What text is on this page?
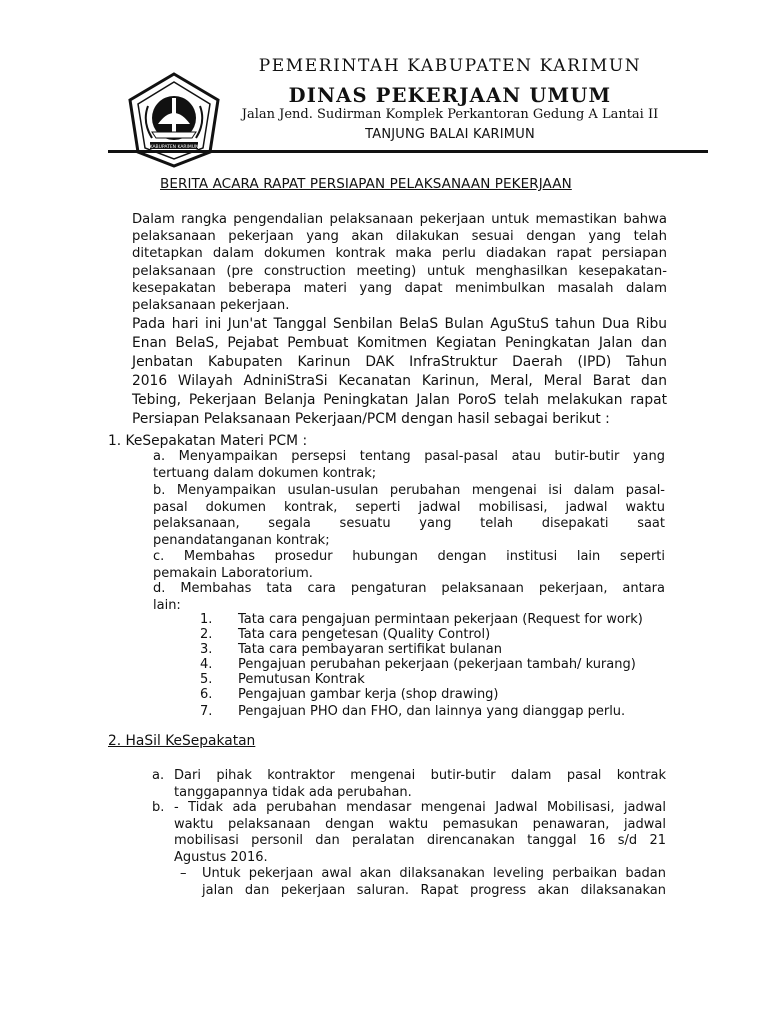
KABUPATEN KARIMUN
PEMERINTAH KABUPATEN KARIMUN
DINAS PEKERJAAN UMUM
Jalan Jend. Sudirman Komplek Perkantoran Gedung A Lantai II
TANJUNG BALAI KARIMUN
BERITA ACARA RAPAT PERSIAPAN PELAKSANAAN PEKERJAAN
Dalam rangka pengendalian pelaksanaan pekerjaan untuk memastikan bahwa
pelaksanaan pekerjaan yang akan dilakukan sesuai dengan yang telah
ditetapkan dalam dokumen kontrak maka perlu diadakan rapat persiapan
pelaksanaan (pre construction meeting) untuk menghasilkan kesepakatan-
kesepakatan beberapa materi yang dapat menimbulkan masalah dalam
pelaksanaan pekerjaan.
Pada hari ini Jun'at Tanggal Senbilan BelaS Bulan AguStuS tahun Dua Ribu
Enan BelaS, Pejabat Pembuat Komitmen Kegiatan Peningkatan Jalan dan
Jenbatan Kabupaten Karinun DAK InfraStruktur Daerah (IPD) Tahun
2016 Wilayah AdniniStraSi Kecanatan Karinun, Meral, Meral Barat dan
Tebing, Pekerjaan Belanja Peningkatan Jalan PoroS telah melakukan rapat
Persiapan Pelaksanaan Pekerjaan/PCM dengan hasil sebagai berikut :
1. KeSepakatan Materi PCM :
a. Menyampaikan persepsi tentang pasal-pasal atau butir-butir yang
tertuang dalam dokumen kontrak;
b. Menyampaikan usulan-usulan perubahan mengenai isi dalam pasal-
pasal dokumen kontrak, seperti jadwal mobilisasi, jadwal waktu
pelaksanaan, segala sesuatu yang telah disepakati saat
penandatanganan kontrak;
c. Membahas prosedur hubungan dengan institusi lain seperti
pemakain Laboratorium.
d. Membahas tata cara pengaturan pelaksanaan pekerjaan, antara
lain:
1.	Tata cara pengajuan permintaan pekerjaan (Request for work)
2.	Tata cara pengetesan (Quality Control)
3.	Tata cara pembayaran sertifikat bulanan
4.	Pengajuan perubahan pekerjaan (pekerjaan tambah/ kurang)
5.	Pemutusan Kontrak
6.	Pengajuan gambar kerja (shop drawing)
7.	Pengajuan PHO dan FHO, dan lainnya yang dianggap perlu.
2. HaSil KeSepakatan
a. Dari pihak kontraktor mengenai butir-butir dalam pasal kontrak
tanggapannya tidak ada perubahan.
b. - Tidak ada perubahan mendasar mengenai Jadwal Mobilisasi, jadwal
waktu pelaksanaan dengan waktu pemasukan penawaran, jadwal
mobilisasi personil dan peralatan direncanakan tanggal 16 s/d 21
Agustus 2016.
– Untuk pekerjaan awal akan dilaksanakan leveling perbaikan badan
jalan dan pekerjaan saluran. Rapat progress akan dilaksanakan
